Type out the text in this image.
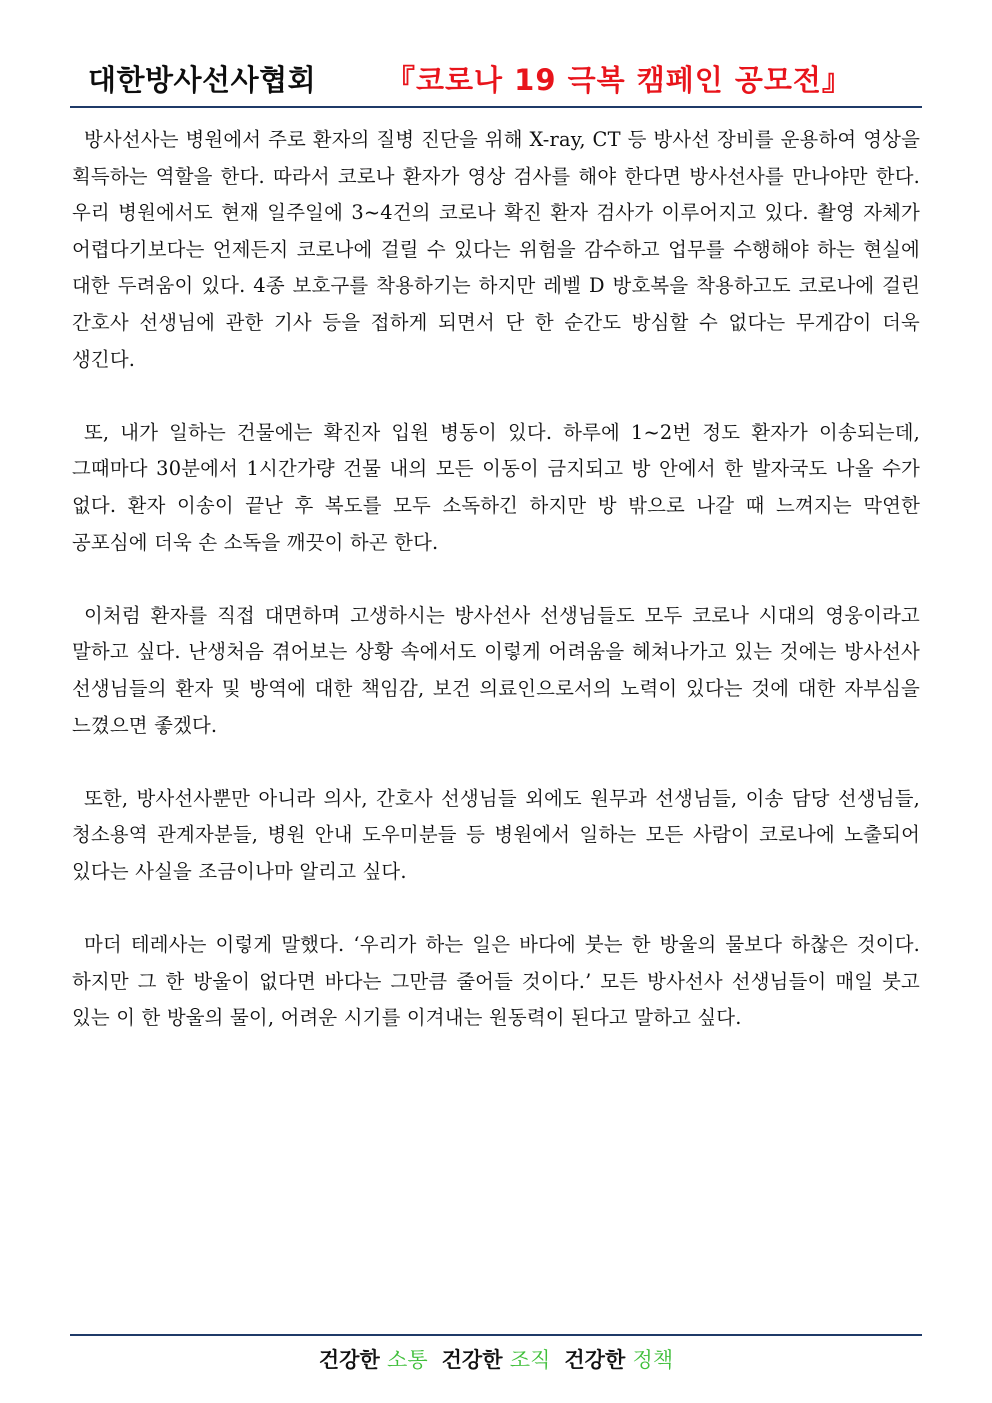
대한방사선사협회 『코로나 19 극복 캠페인 공모전』

방사선사는 병원에서 주로 환자의 질병 진단을 위해 X-ray, CT 등 방사선 장비를 운용하여 영상을 획득하는 역할을 한다. 따라서 코로나 환자가 영상 검사를 해야 한다면 방사선사를 만나야만 한다. 우리 병원에서도 현재 일주일에 3~4건의 코로나 확진 환자 검사가 이루어지고 있다. 촬영 자체가 어렵다기보다는 언제든지 코로나에 걸릴 수 있다는 위험을 감수하고 업무를 수행해야 하는 현실에 대한 두려움이 있다. 4종 보호구를 착용하기는 하지만 레벨 D 방호복을 착용하고도 코로나에 걸린 간호사 선생님에 관한 기사 등을 접하게 되면서 단 한 순간도 방심할 수 없다는 무게감이 더욱 생긴다.

또, 내가 일하는 건물에는 확진자 입원 병동이 있다. 하루에 1~2번 정도 환자가 이송되는데, 그때마다 30분에서 1시간가량 건물 내의 모든 이동이 금지되고 방 안에서 한 발자국도 나올 수가 없다. 환자 이송이 끝난 후 복도를 모두 소독하긴 하지만 방 밖으로 나갈 때 느껴지는 막연한 공포심에 더욱 손 소독을 깨끗이 하곤 한다.

이처럼 환자를 직접 대면하며 고생하시는 방사선사 선생님들도 모두 코로나 시대의 영웅이라고 말하고 싶다. 난생처음 겪어보는 상황 속에서도 이렇게 어려움을 헤쳐나가고 있는 것에는 방사선사 선생님들의 환자 및 방역에 대한 책임감, 보건 의료인으로서의 노력이 있다는 것에 대한 자부심을 느꼈으면 좋겠다.

또한, 방사선사뿐만 아니라 의사, 간호사 선생님들 외에도 원무과 선생님들, 이송 담당 선생님들, 청소용역 관계자분들, 병원 안내 도우미분들 등 병원에서 일하는 모든 사람이 코로나에 노출되어 있다는 사실을 조금이나마 알리고 싶다.

마더 테레사는 이렇게 말했다. ‘우리가 하는 일은 바다에 붓는 한 방울의 물보다 하찮은 것이다. 하지만 그 한 방울이 없다면 바다는 그만큼 줄어들 것이다.’ 모든 방사선사 선생님들이 매일 붓고 있는 이 한 방울의 물이, 어려운 시기를 이겨내는 원동력이 된다고 말하고 싶다.

건강한 소통 건강한 조직 건강한 정책
